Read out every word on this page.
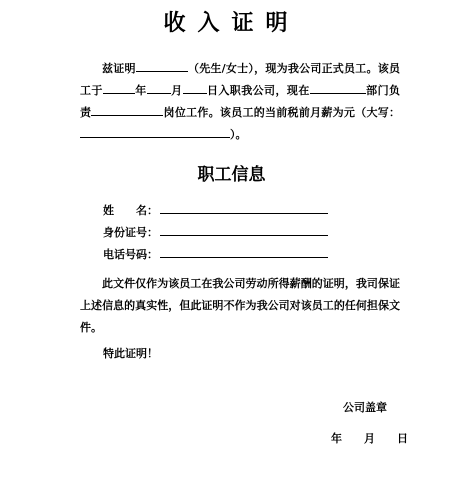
收入证明
兹证明	（先生/女士），现为我公司正式员工。该员工于	年 月 日入职我公司，现在	部门负责	岗位工作。该员工的当前税前月薪为元（大写：）。
职工信息
姓　　名：
身份证号：
电话号码：
此文件仅作为该员工在我公司劳动所得薪酬的证明，我司保证上述信息的真实性，但此证明不作为我公司对该员工的任何担保文件。
特此证明！
公司盖章
年 月 日
